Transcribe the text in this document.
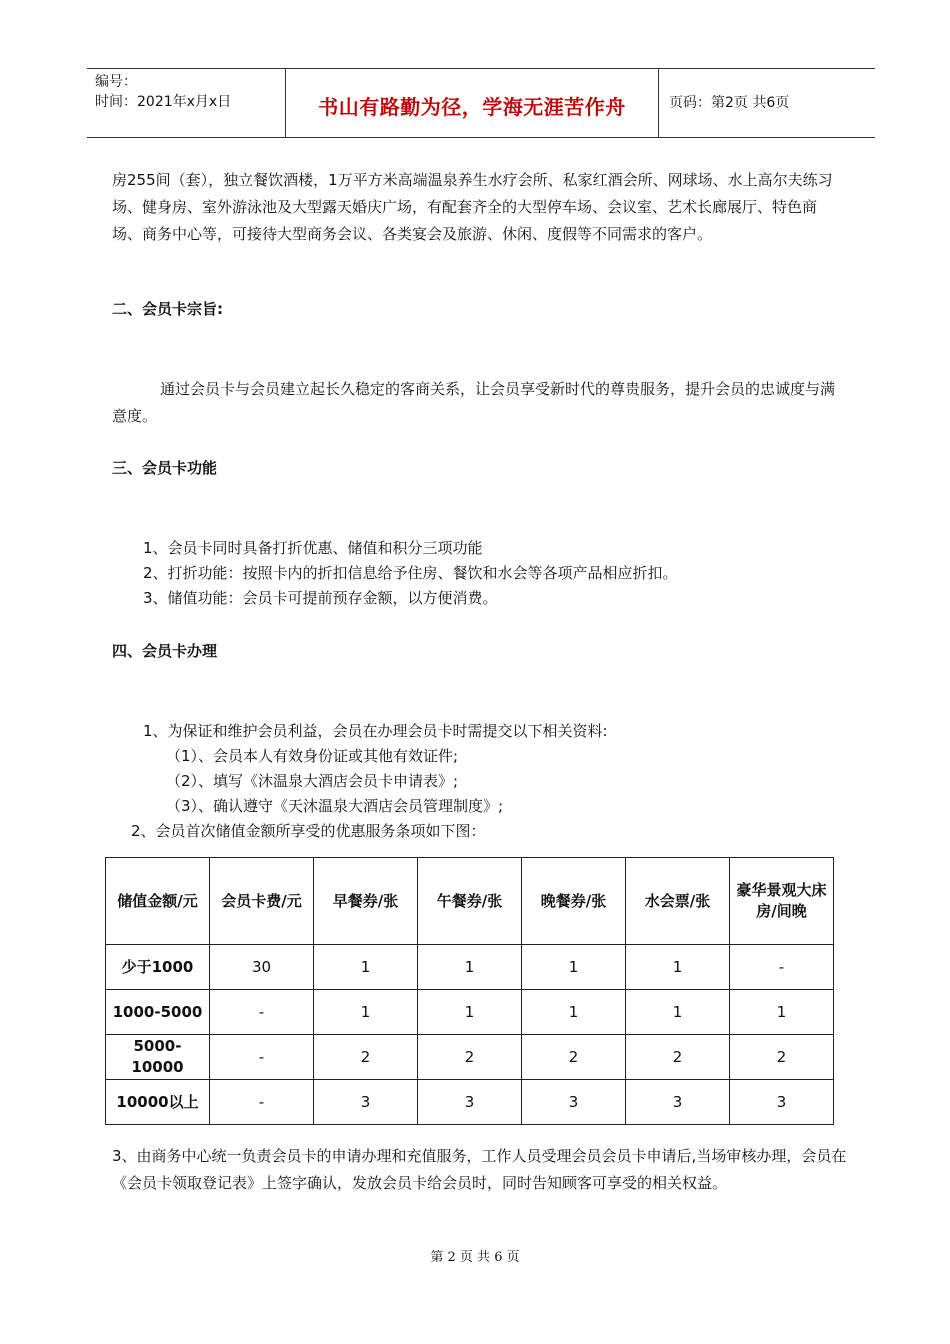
编号：
时间：2021年x月x日	书山有路勤为径，学海无涯苦作舟	页码：第2页 共6页
房255间（套），独立餐饮酒楼，1万平方米高端温泉养生水疗会所、私家红酒会所、网球场、水上高尔夫练习场、健身房、室外游泳池及大型露天婚庆广场，有配套齐全的大型停车场、会议室、艺术长廊展厅、特色商场、商务中心等，可接待大型商务会议、各类宴会及旅游、休闲、度假等不同需求的客户。
二、会员卡宗旨:
通过会员卡与会员建立起长久稳定的客商关系，让会员享受新时代的尊贵服务，提升会员的忠诚度与满意度。
三、会员卡功能
1、会员卡同时具备打折优惠、储值和积分三项功能
2、打折功能：按照卡内的折扣信息给予住房、餐饮和水会等各项产品相应折扣。
3、储值功能：会员卡可提前预存金额，以方便消费。
四、会员卡办理
1、为保证和维护会员利益，会员在办理会员卡时需提交以下相关资料:
（1）、会员本人有效身份证或其他有效证件;
（2）、填写《沐温泉大酒店会员卡申请表》;
（3）、确认遵守《天沐温泉大酒店会员管理制度》;
2、会员首次储值金额所享受的优惠服务条项如下图：
储值金额/元	会员卡费/元	早餐券/张	午餐券/张	晚餐券/张	水会票/张	豪华景观大床房/间晚
少于1000	30	1	1	1	1	-
1000-5000	-	1	1	1	1	1
5000-10000	-	2	2	2	2	2
10000以上	-	3	3	3	3	3
3、由商务中心统一负责会员卡的申请办理和充值服务，工作人员受理会员会员卡申请后,当场审核办理，会员在《会员卡领取登记表》上签字确认，发放会员卡给会员时，同时告知顾客可享受的相关权益。
第 2 页 共 6 页
